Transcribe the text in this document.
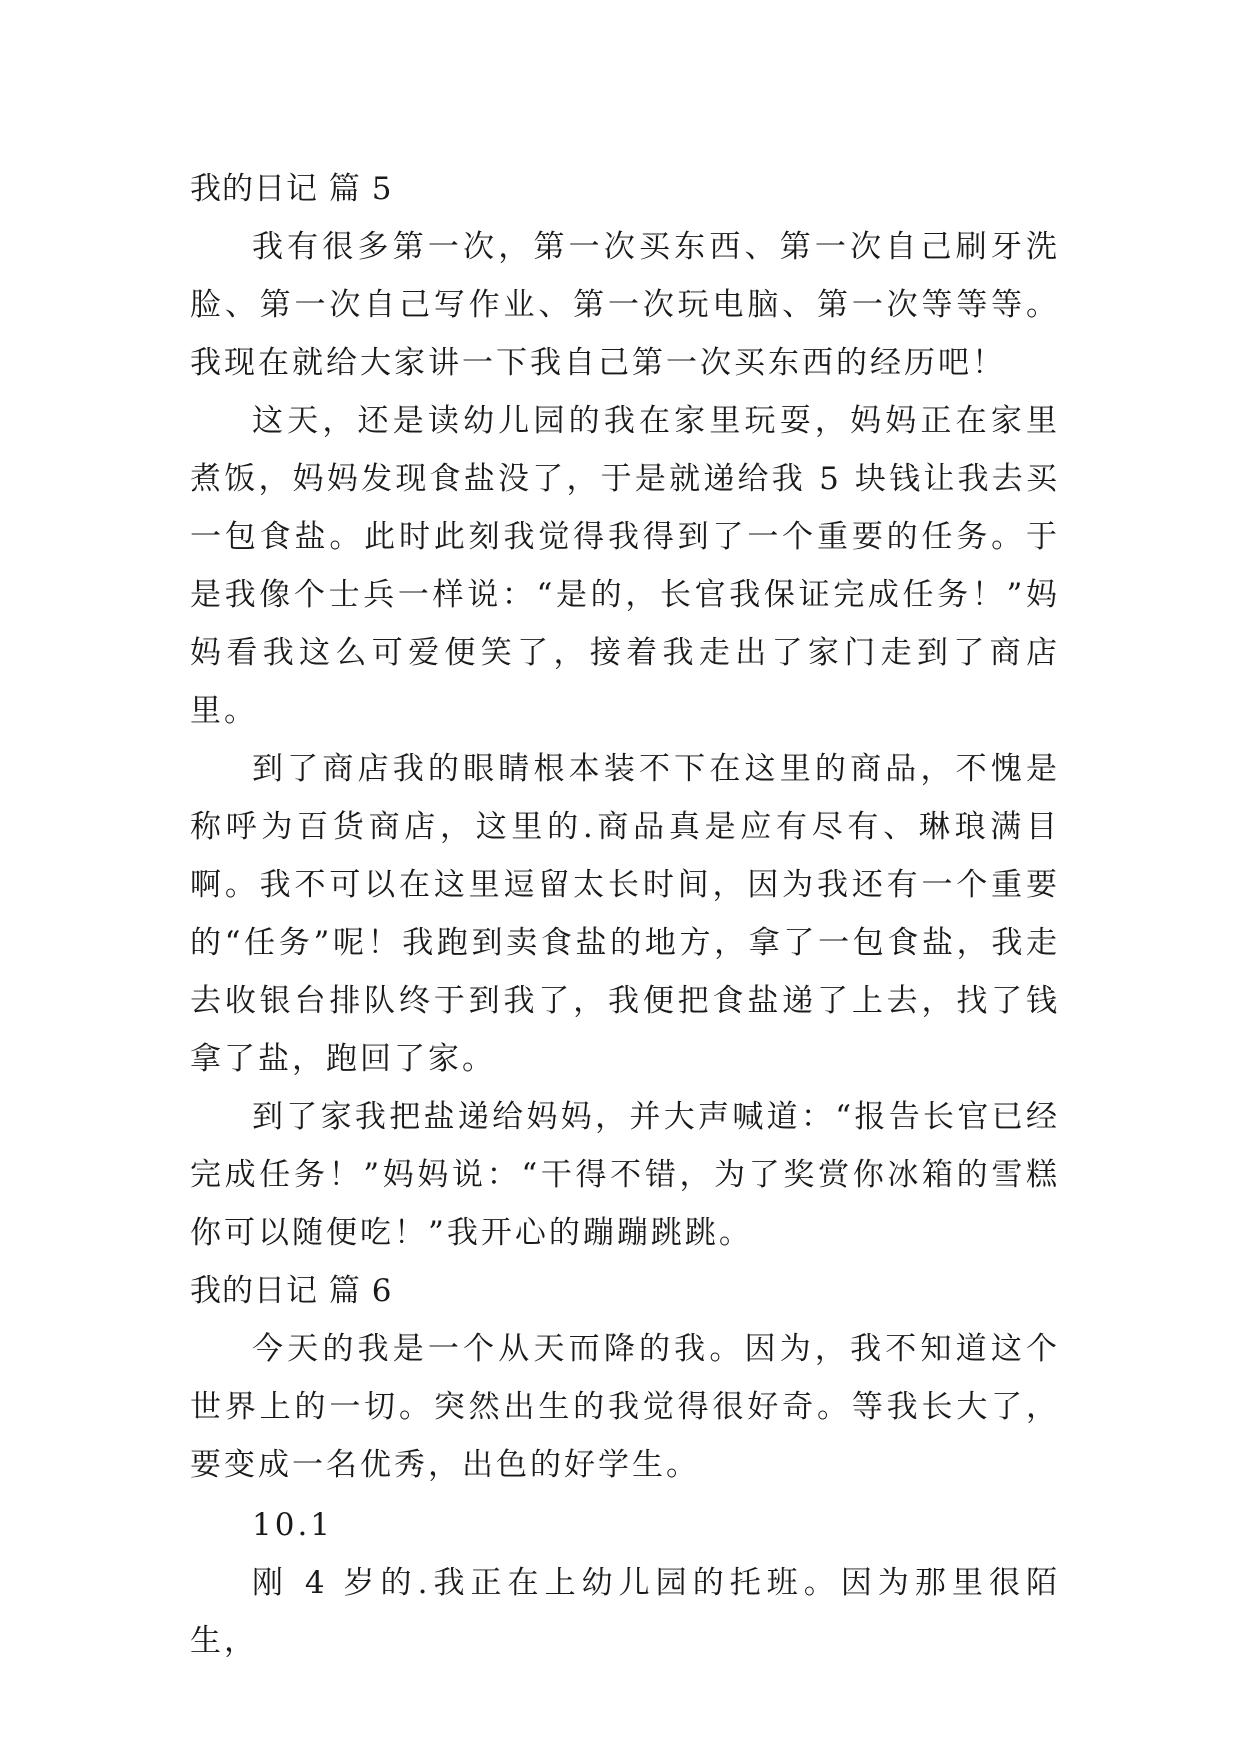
我的日记 篇 5

我有很多第一次，第一次买东西、第一次自己刷牙洗脸、第一次自己写作业、第一次玩电脑、第一次等等等。我现在就给大家讲一下我自己第一次买东西的经历吧！

这天，还是读幼儿园的我在家里玩耍，妈妈正在家里煮饭，妈妈发现食盐没了，于是就递给我 5 块钱让我去买一包食盐。此时此刻我觉得我得到了一个重要的任务。于是我像个士兵一样说：“是的，长官我保证完成任务！”妈妈看我这么可爱便笑了，接着我走出了家门走到了商店里。

到了商店我的眼睛根本装不下在这里的商品，不愧是称呼为百货商店，这里的.商品真是应有尽有、琳琅满目啊。我不可以在这里逗留太长时间，因为我还有一个重要的“任务”呢！我跑到卖食盐的地方，拿了一包食盐，我走去收银台排队终于到我了，我便把食盐递了上去，找了钱拿了盐，跑回了家。

到了家我把盐递给妈妈，并大声喊道：“报告长官已经完成任务！”妈妈说：“干得不错，为了奖赏你冰箱的雪糕你可以随便吃！”我开心的蹦蹦跳跳。

我的日记 篇 6

今天的我是一个从天而降的我。因为，我不知道这个世界上的一切。突然出生的我觉得很好奇。等我长大了，要变成一名优秀，出色的好学生。

10.1

刚 4 岁的.我正在上幼儿园的托班。因为那里很陌生，
